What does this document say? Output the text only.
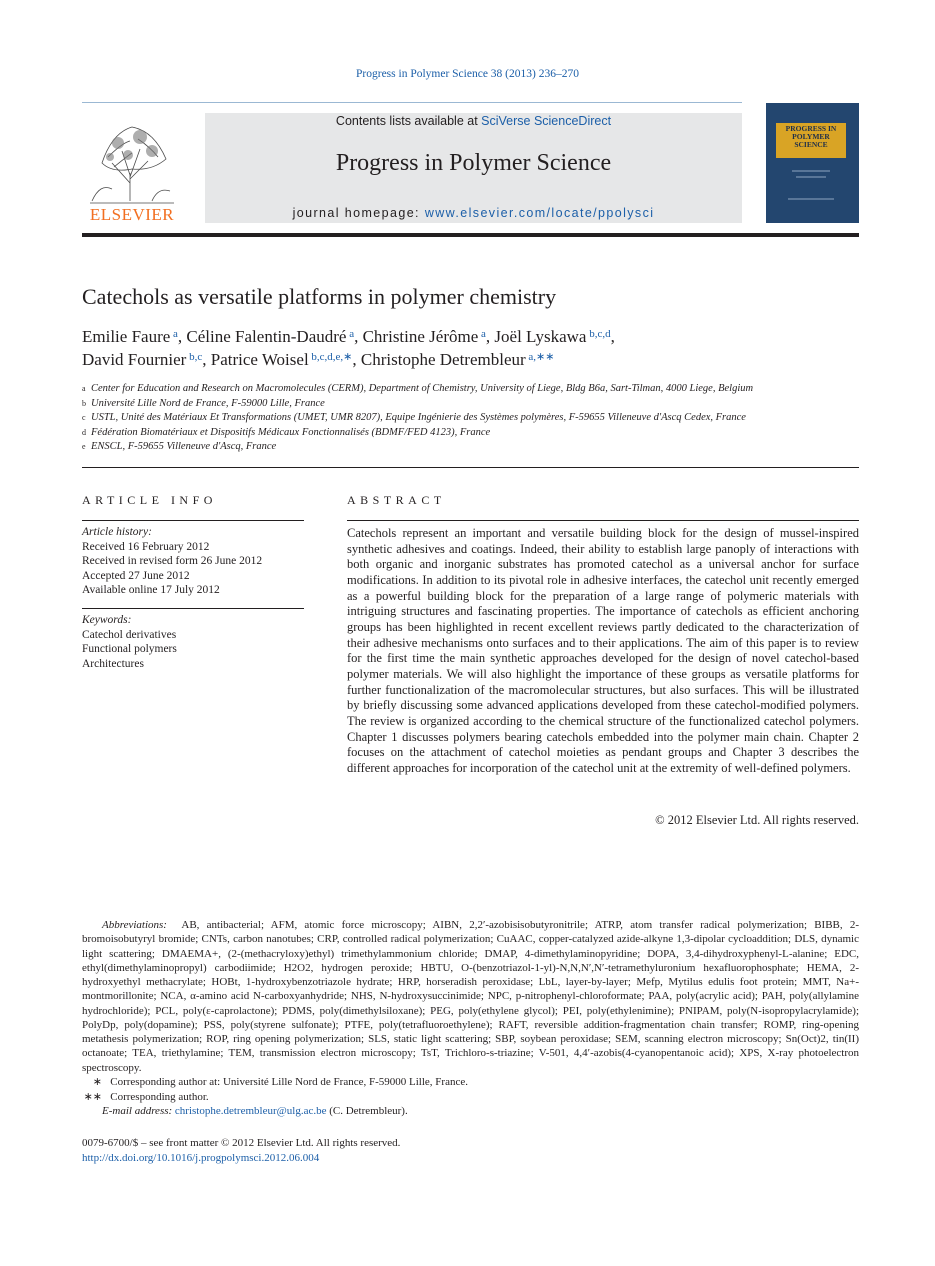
Progress in Polymer Science 38 (2013) 236–270
ELSEVIER
Contents lists available at SciVerse ScienceDirect
Progress in Polymer Science
journal homepage: www.elsevier.com/locate/ppolysci
PROGRESS IN POLYMER SCIENCE
Catechols as versatile platforms in polymer chemistry
Emilie Faure $^a$, Céline Falentin-Daudré $^a$, Christine Jérôme $^a$, Joël Lyskawa $^{b,c,d}$,
David Fournier $^{b,c}$, Patrice Woisel $^{b,c,d,e,∗}$, Christophe Detrembleur $^{a,∗∗}$
a Center for Education and Research on Macromolecules (CERM), Department of Chemistry, University of Liege, Bldg B6a, Sart-Tilman, 4000 Liege, Belgium
b Université Lille Nord de France, F-59000 Lille, France
c USTL, Unité des Matériaux Et Transformations (UMET, UMR 8207), Equipe Ingénierie des Systèmes polymères, F-59655 Villeneuve d'Ascq Cedex, France
d Fédération Biomatériaux et Dispositifs Médicaux Fonctionnalisés (BDMF/FED 4123), France
e ENSCL, F-59655 Villeneuve d'Ascq, France
ARTICLE INFO	ABSTRACT
Article history:
Received 16 February 2012
Received in revised form 26 June 2012
Accepted 27 June 2012
Available online 17 July 2012
Keywords:
Catechol derivatives
Functional polymers
Architectures
Catechols represent an important and versatile building block for the design of mussel-inspired synthetic adhesives and coatings. Indeed, their ability to establish large panoply of interactions with both organic and inorganic substrates has promoted catechol as a universal anchor for surface modifications. In addition to its pivotal role in adhesive interfaces, the catechol unit recently emerged as a powerful building block for the preparation of a large range of polymeric materials with intriguing structures and fascinating properties. The importance of catechols as efficient anchoring groups has been highlighted in recent excellent reviews partly dedicated to the characterization of their adhesive mechanisms onto surfaces and to their applications. The aim of this paper is to review for the first time the main synthetic approaches developed for the design of novel catechol-based polymer materials. We will also highlight the importance of these groups as versatile platforms for further functionalization of the macromolecular structures, but also surfaces. This will be illustrated by briefly discussing some advanced applications developed from these catechol-modified polymers. The review is organized according to the chemical structure of the functionalized catechol polymers. Chapter 1 discusses polymers bearing catechols embedded into the polymer main chain. Chapter 2 focuses on the attachment of catechol moieties as pendant groups and Chapter 3 describes the different approaches for incorporation of the catechol unit at the extremity of well-defined polymers.
© 2012 Elsevier Ltd. All rights reserved.
Abbreviations: AB, antibacterial; AFM, atomic force microscopy; AIBN, 2,2′-azobisisobutyronitrile; ATRP, atom transfer radical polymerization; BIBB, 2-bromoisobutyryl bromide; CNTs, carbon nanotubes; CRP, controlled radical polymerization; CuAAC, copper-catalyzed azide-alkyne 1,3-dipolar cycloaddition; DLS, dynamic light scattering; DMAEMA+, (2-(methacryloxy)ethyl) trimethylammonium chloride; DMAP, 4-dimethylaminopyridine; DOPA, 3,4-dihydroxyphenyl-L-alanine; EDC, ethyl(dimethylaminopropyl) carbodiimide; H2O2, hydrogen peroxide; HBTU, O-(benzotriazol-1-yl)-N,N,N′,N′-tetramethyluronium hexafluorophosphate; HEMA, 2-hydroxyethyl methacrylate; HOBt, 1-hydroxybenzotriazole hydrate; HRP, horseradish peroxidase; LbL, layer-by-layer; Mefp, Mytilus edulis foot protein; MMT, Na+-montmorillonite; NCA, α-amino acid N-carboxyanhydride; NHS, N-hydroxysuccinimide; NPC, p-nitrophenyl-chloroformate; PAA, poly(acrylic acid); PAH, poly(allylamine hydrochloride); PCL, poly(ε-caprolactone); PDMS, poly(dimethylsiloxane); PEG, poly(ethylene glycol); PEI, poly(ethylenimine); PNIPAM, poly(N-isopropylacrylamide); PolyDp, poly(dopamine); PSS, poly(styrene sulfonate); PTFE, poly(tetrafluoroethylene); RAFT, reversible addition-fragmentation chain transfer; ROMP, ring-opening metathesis polymerization; ROP, ring opening polymerization; SLS, static light scattering; SBP, soybean peroxidase; SEM, scanning electron microscopy; Sn(Oct)2, tin(II) octanoate; TEA, triethylamine; TEM, transmission electron microscopy; TsT, Trichloro-s-triazine; V-501, 4,4′-azobis(4-cyanopentanoic acid); XPS, X-ray photoelectron spectroscopy.
∗ Corresponding author at: Université Lille Nord de France, F-59000 Lille, France.
∗∗ Corresponding author.
E-mail address: christophe.detrembleur@ulg.ac.be (C. Detrembleur).
0079-6700/$ – see front matter © 2012 Elsevier Ltd. All rights reserved.
http://dx.doi.org/10.1016/j.progpolymsci.2012.06.004
